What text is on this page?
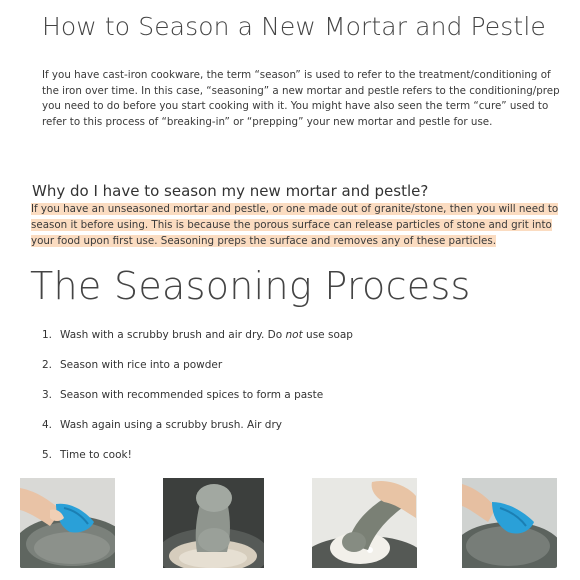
How to Season a New Mortar and Pestle

If you have cast-iron cookware, the term “season” is used to refer to the treatment/conditioning of the iron over time. In this case, “seasoning” a new mortar and pestle refers to the conditioning/prep you need to do before you start cooking with it. You might have also seen the term “cure” used to refer to this process of “breaking-in” or “prepping” your new mortar and pestle for use.

Why do I have to season my new mortar and pestle?

If you have an unseasoned mortar and pestle, or one made out of granite/stone, then you will need to season it before using. This is because the porous surface can release particles of stone and grit into your food upon first use. Seasoning preps the surface and removes any of these particles.

The Seasoning Process
1. Wash with a scrubby brush and air dry. Do not use soap
2. Season with rice into a powder
3. Season with recommended spices to form a paste
4. Wash again using a scrubby brush. Air dry
5. Time to cook!
